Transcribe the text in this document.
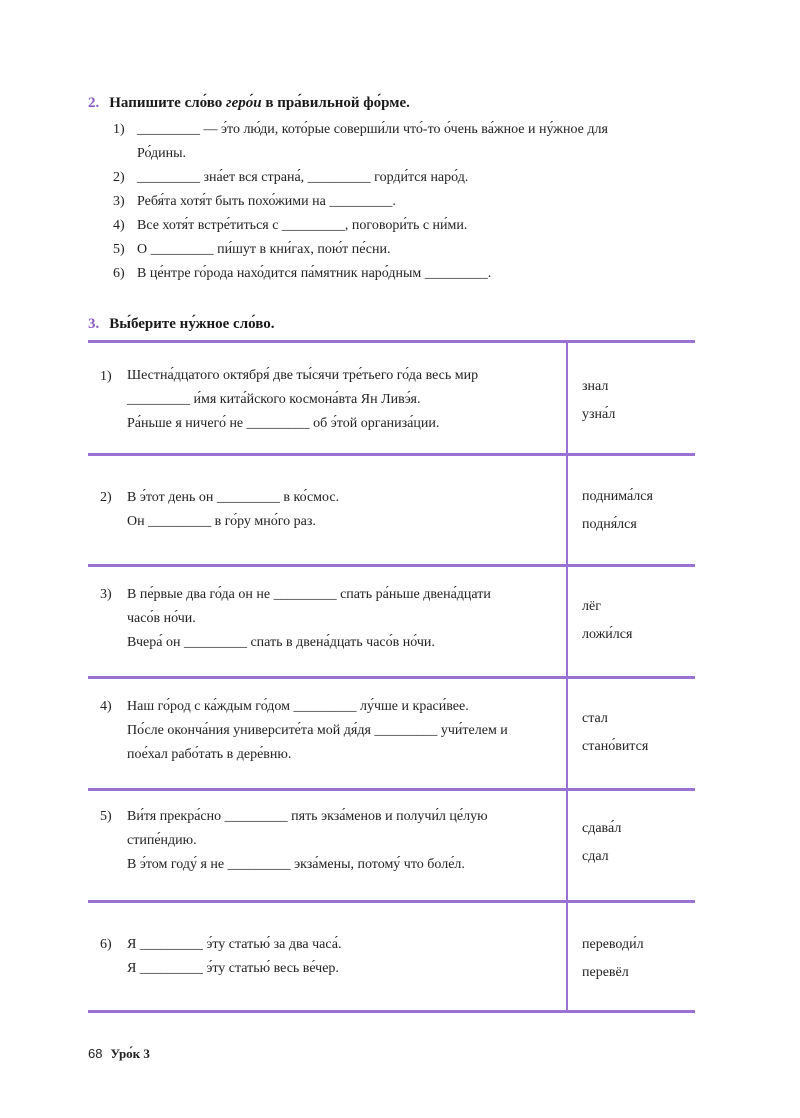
2. Напишите сло́во геро́и в пра́вильной фо́рме.
1) _________ — э́то лю́ди, кото́рые соверши́ли что́-то о́чень ва́жное и ну́жное для
Ро́дины.
2) _________ зна́ет вся страна́, _________ горди́тся наро́д.
3) Ребя́та хотя́т быть похо́жими на _________.
4) Все хотя́т встре́титься с _________, поговори́ть с ни́ми.
5) О _________ пи́шут в кни́гах, пою́т пе́сни.
6) В це́нтре го́рода нахо́дится па́мятник наро́дным _________.
3. Вы́берите ну́жное сло́во.
1) Шестна́дцатого октября́ две ты́сячи тре́тьего го́да весь мир
_________ и́мя кита́йского космона́вта Ян Ливэ́я.
Ра́ньше я ничего́ не _________ об э́той организа́ции.
знал
узна́л
2) В э́тот день он _________ в ко́смос.
Он _________ в го́ру мно́го раз.
поднима́лся
подня́лся
3) В пе́рвые два го́да он не _________ спать ра́ньше двена́дцати
часо́в но́чи.
Вчера́ он _________ спать в двена́дцать часо́в но́чи.
лёг
ложи́лся
4) Наш го́род с ка́ждым го́дом _________ лу́чше и краси́вее.
По́сле оконча́ния университе́та мой дя́дя _________ учи́телем и
пое́хал рабо́тать в дере́вню.
стал
стано́вится
5) Ви́тя прекра́сно _________ пять экза́менов и получи́л це́лую
стипе́ндию.
В э́том году́ я не _________ экза́мены, потому́ что боле́л.
сдава́л
сдал
6) Я _________ э́ту статью́ за два часа́.
Я _________ э́ту статью́ весь ве́чер.
переводи́л
перевёл
68 Уро́к 3
